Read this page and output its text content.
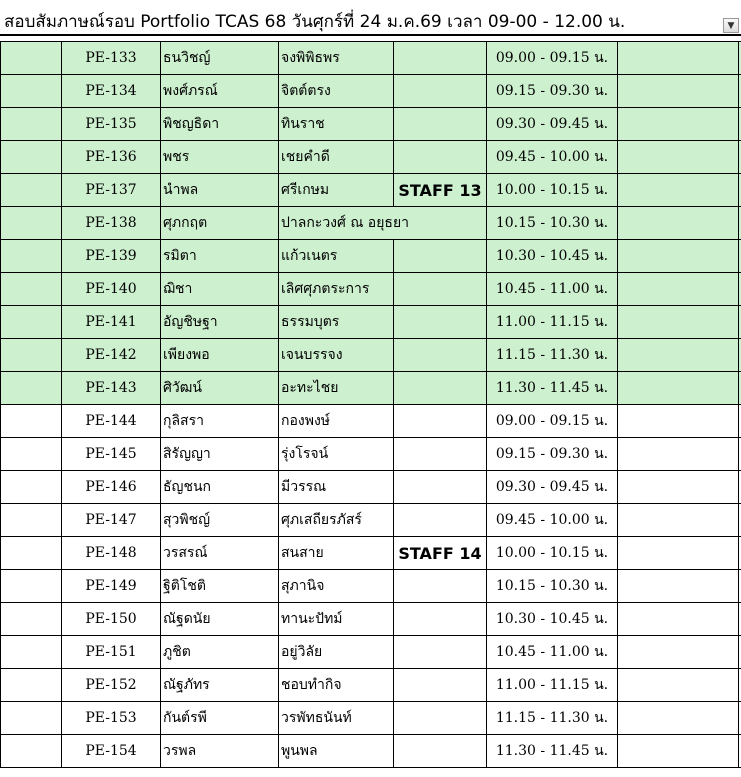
สอบสัมภาษณ์รอบ Portfolio TCAS 68 วันศุกร์ที่ 24 ม.ค.69 เวลา 09-00 - 12.00 น.	▼
PE-133	ธนวิชญ์	จงพิพิธพร	09.00 - 09.15 น.
PE-134	พงศ์ภรณ์	จิตต์ตรง	09.15 - 09.30 น.
PE-135	พิชญธิดา	ทินราช	09.30 - 09.45 น.
PE-136	พชร	เชยคำดี	09.45 - 10.00 น.
PE-137	นำพล	ศรีเกษม	STAFF 13	10.00 - 10.15 น.
PE-138	ศุภกฤต	ปาลกะวงศ์ ณ อยุธยา	10.15 - 10.30 น.
PE-139	รมิตา	แก้วเนตร	10.30 - 10.45 น.
PE-140	ฌิชา	เลิศศุภตระการ	10.45 - 11.00 น.
PE-141	อัญชิษฐา	ธรรมบุตร	11.00 - 11.15 น.
PE-142	เพียงพอ	เจนบรรจง	11.15 - 11.30 น.
PE-143	ศิวัฒน์	อะทะไชย	11.30 - 11.45 น.
PE-144	กุลิสรา	กองพงษ์	09.00 - 09.15 น.
PE-145	สิรัญญา	รุ่งโรจน์	09.15 - 09.30 น.
PE-146	ธัญชนก	มีวรรณ	09.30 - 09.45 น.
PE-147	สุวพิชญ์	ศุภเสถียรภัสร์	09.45 - 10.00 น.
PE-148	วรสรณ์	สนสาย	STAFF 14	10.00 - 10.15 น.
PE-149	ฐิติโชติ	สุภานิจ	10.15 - 10.30 น.
PE-150	ณัฐดนัย	ทานะปัทม์	10.30 - 10.45 น.
PE-151	ภูชิต	อยู่วิลัย	10.45 - 11.00 น.
PE-152	ณัฐภัทร	ชอบทำกิจ	11.00 - 11.15 น.
PE-153	กันต์รพี	วรพัทธนันท์	11.15 - 11.30 น.
PE-154	วรพล	พูนพล	11.30 - 11.45 น.
